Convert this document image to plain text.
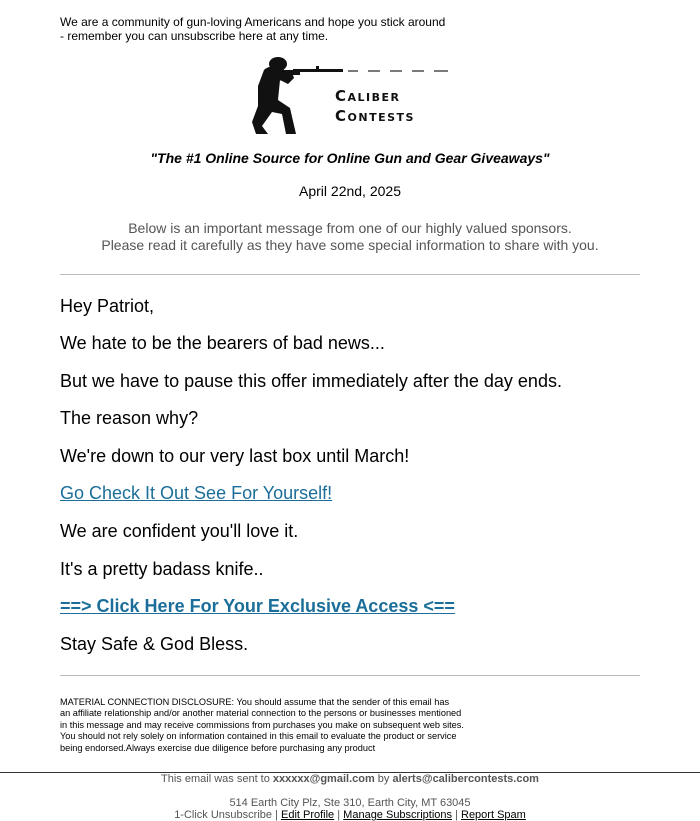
We are a community of gun-loving Americans and hope you stick around
- remember you can unsubscribe here at any time.
Caliber
Contests
"The #1 Online Source for Online Gun and Gear Giveaways"
April 22nd, 2025
Below is an important message from one of our highly valued sponsors.
Please read it carefully as they have some special information to share with you.
Hey Patriot,
We hate to be the bearers of bad news...
But we have to pause this offer immediately after the day ends.
The reason why?
We're down to our very last box until March!
Go Check It Out See For Yourself!
We are confident you'll love it.
It's a pretty badass knife..
==> Click Here For Your Exclusive Access <==
Stay Safe & God Bless.
MATERIAL CONNECTION DISCLOSURE: You should assume that the sender of this email has
an affiliate relationship and/or another material connection to the persons or businesses mentioned
in this message and may receive commissions from purchases you make on subsequent web sites.
You should not rely solely on information contained in this email to evaluate the product or service
being endorsed.Always exercise due diligence before purchasing any product
This email was sent to xxxxxx@gmail.com by alerts@calibercontests.com
514 Earth City Plz, Ste 310, Earth City, MT 63045
1-Click Unsubscribe | Edit Profile | Manage Subscriptions | Report Spam
